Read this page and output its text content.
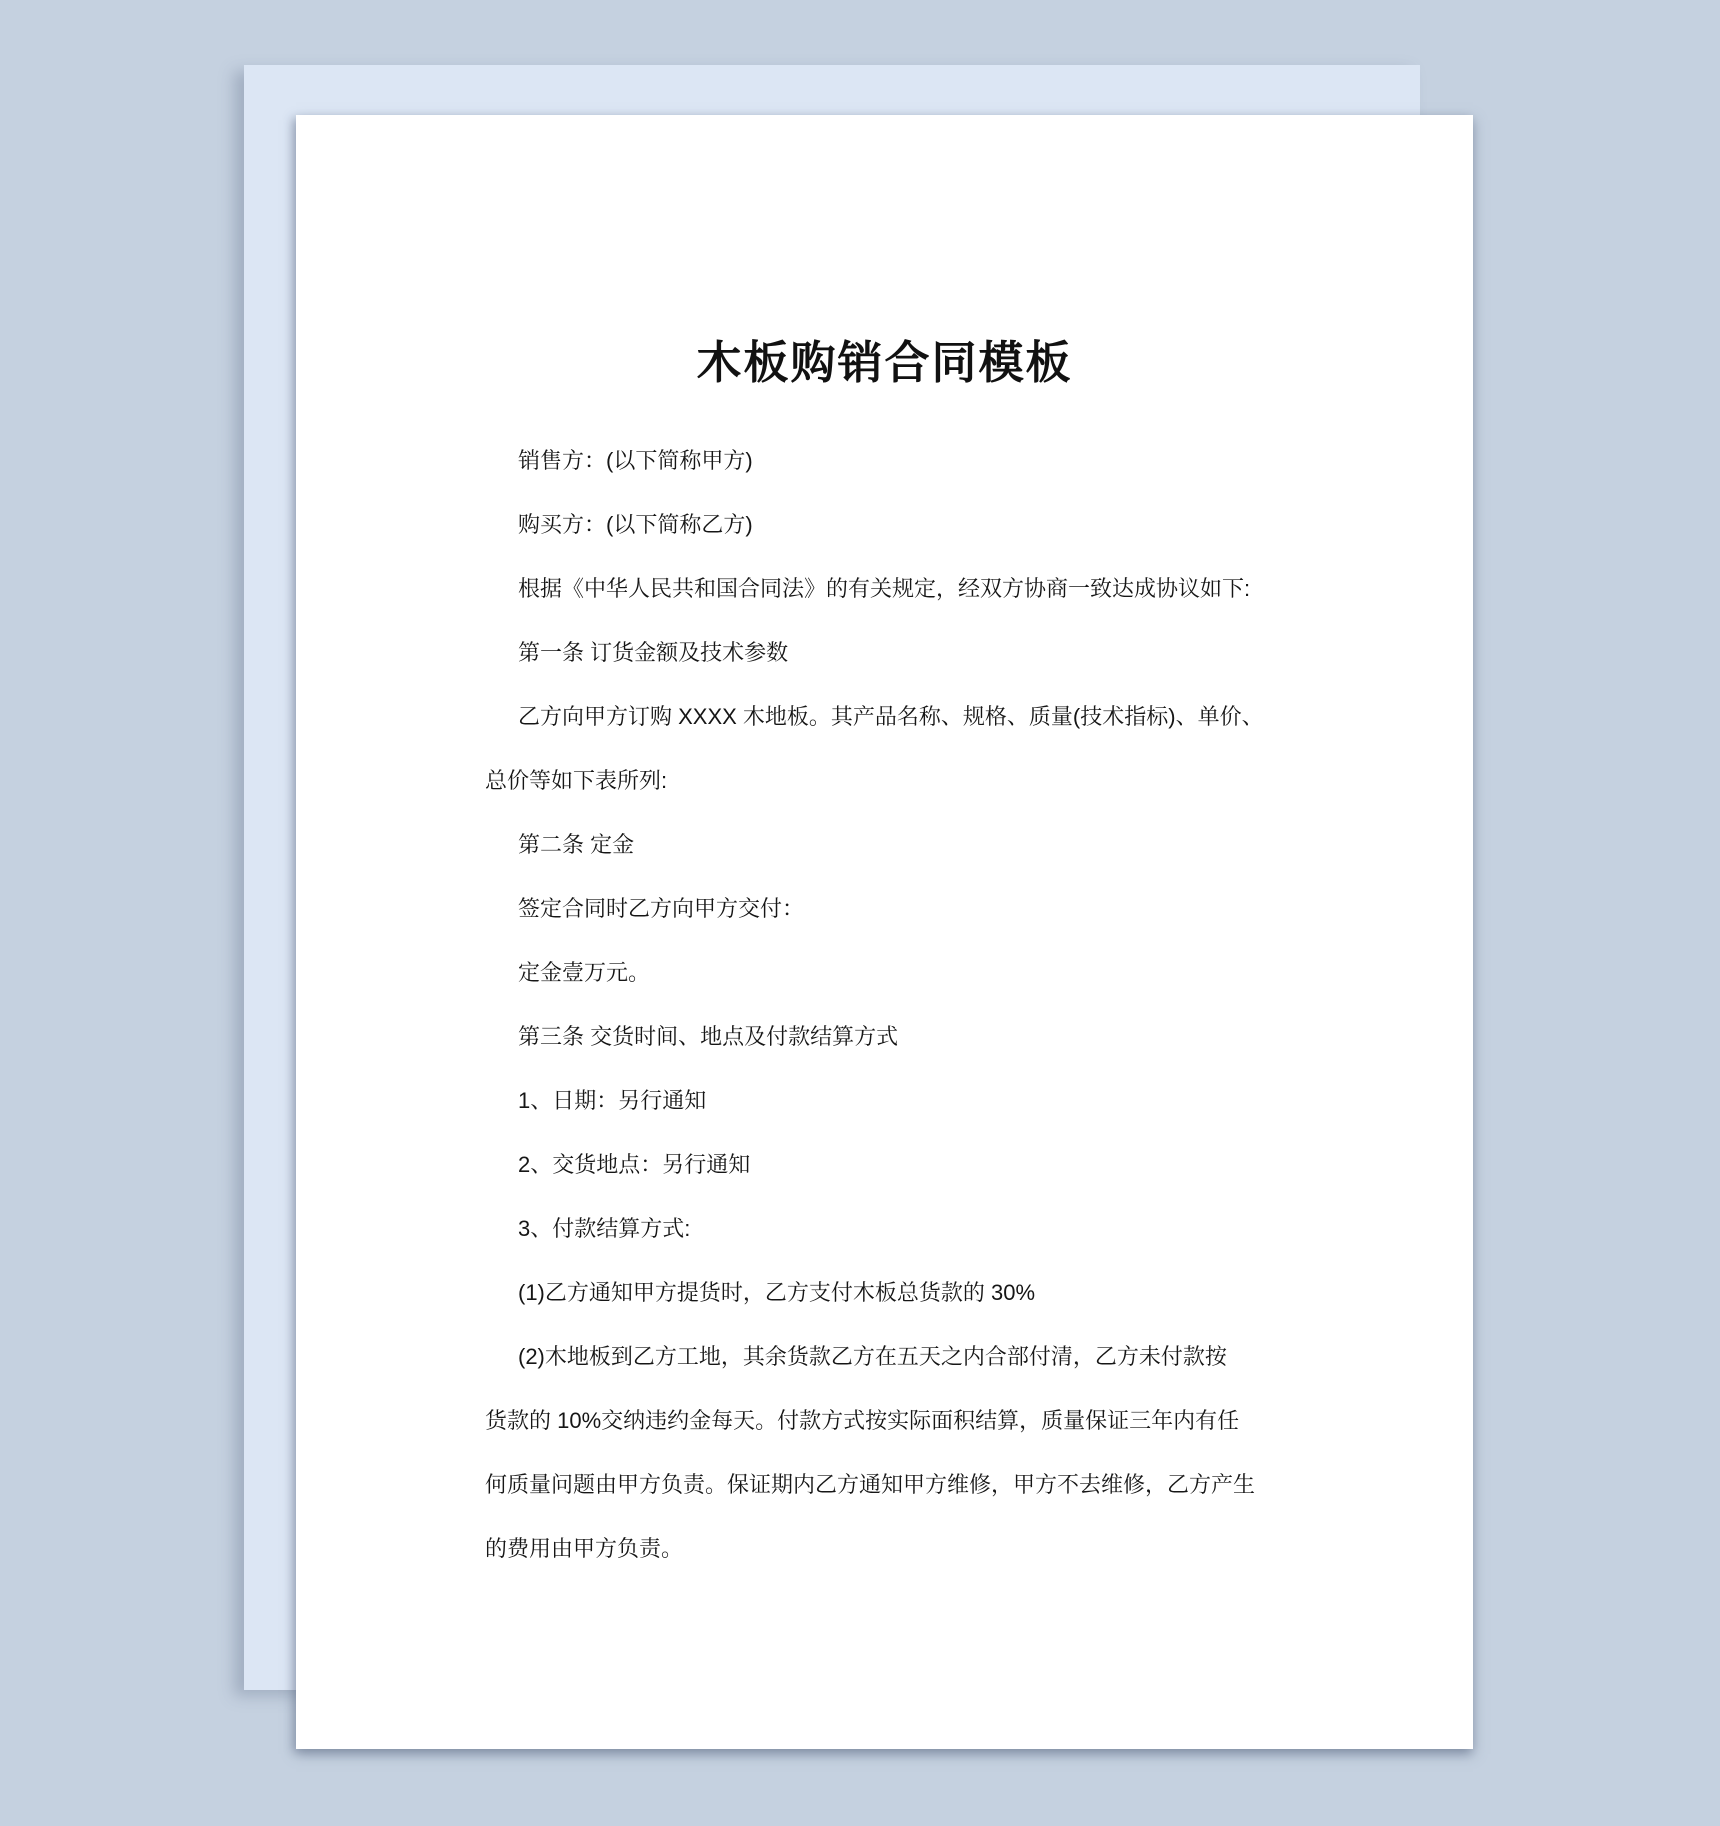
木板购销合同模板
销售方：(以下简称甲方)
购买方：(以下简称乙方)
根据《中华人民共和国合同法》的有关规定，经双方协商一致达成协议如下:
第一条 订货金额及技术参数
乙方向甲方订购 XXXX 木地板。其产品名称、规格、质量(技术指标)、单价、
总价等如下表所列:
第二条 定金
签定合同时乙方向甲方交付：
定金壹万元。
第三条 交货时间、地点及付款结算方式
1、日期：另行通知
2、交货地点：另行通知
3、付款结算方式:
(1)乙方通知甲方提货时，乙方支付木板总货款的 30%
(2)木地板到乙方工地，其余货款乙方在五天之内合部付清，乙方未付款按
货款的 10%交纳违约金每天。付款方式按实际面积结算，质量保证三年内有任
何质量问题由甲方负责。保证期内乙方通知甲方维修，甲方不去维修，乙方产生
的费用由甲方负责。
